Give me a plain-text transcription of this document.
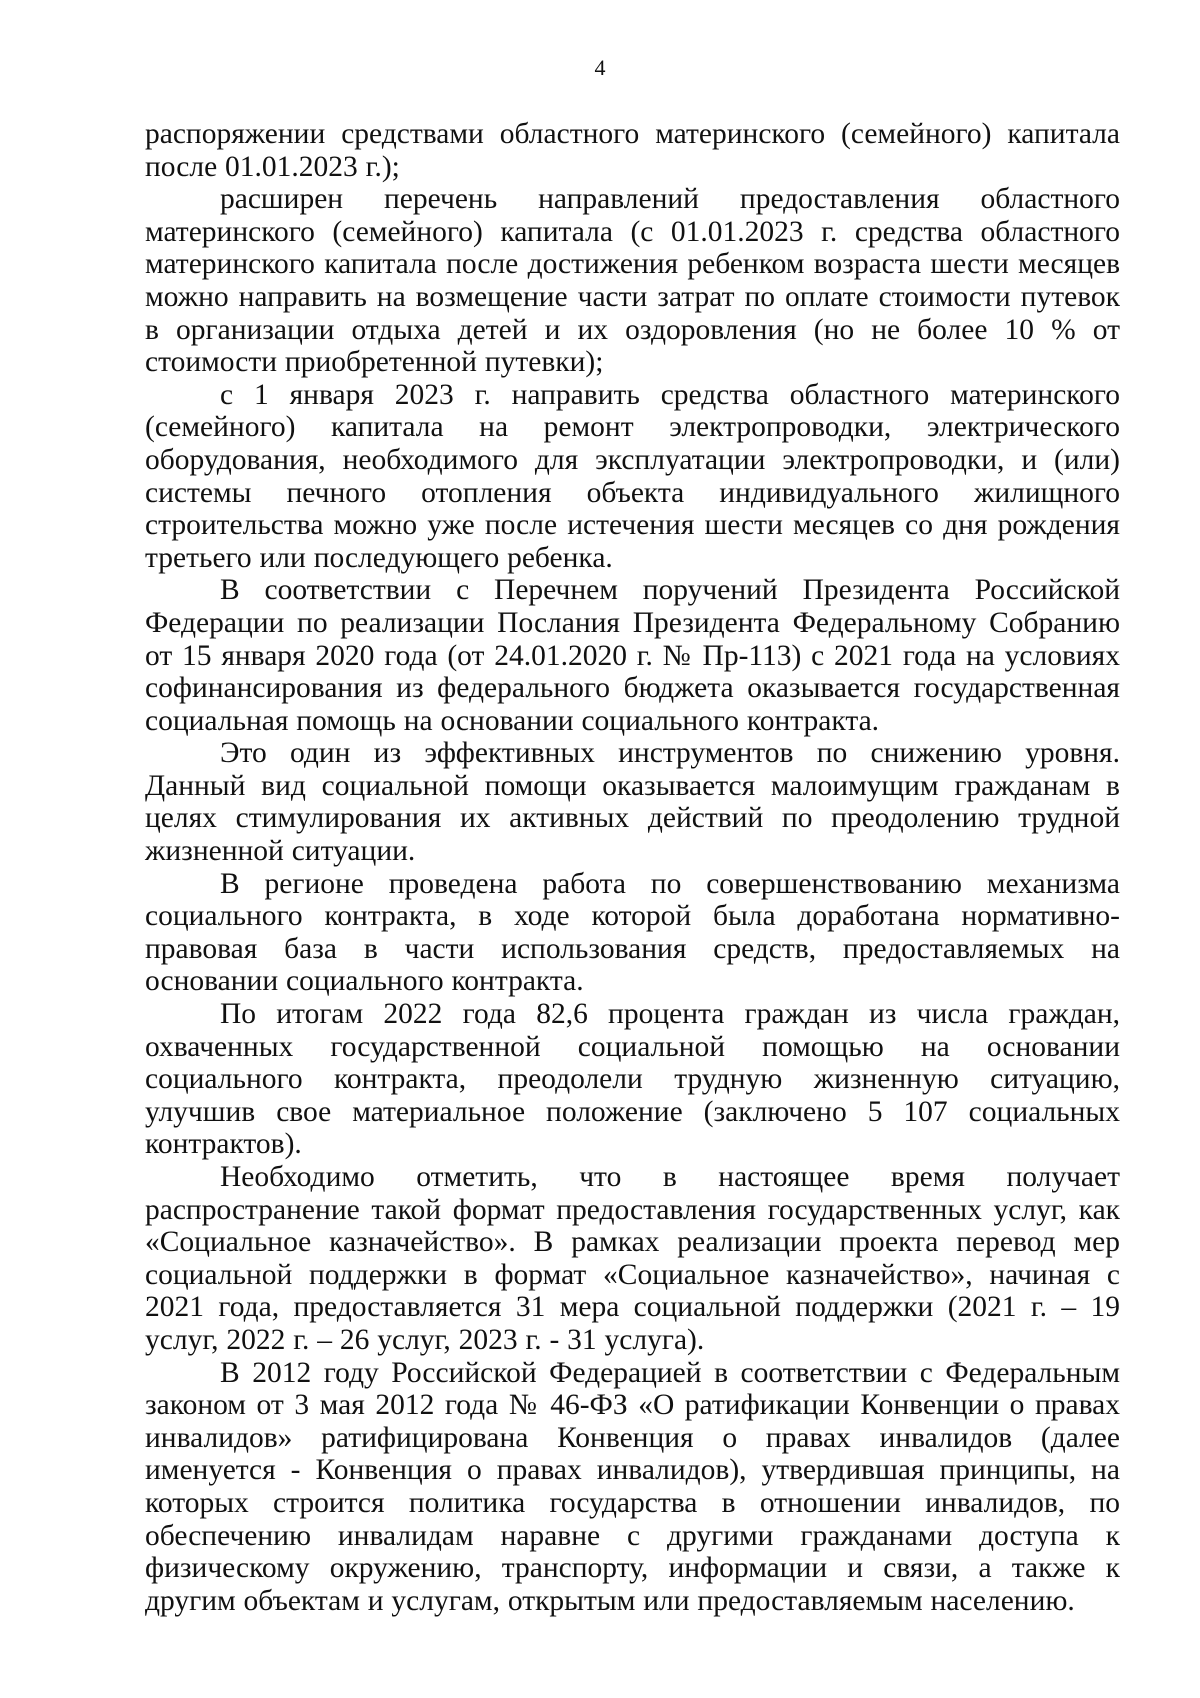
4

распоряжении средствами областного материнского (семейного) капитала после 01.01.2023 г.);

расширен перечень направлений предоставления областного материнского (семейного) капитала (с 01.01.2023 г. средства областного материнского капитала после достижения ребенком возраста шести месяцев можно направить на возмещение части затрат по оплате стоимости путевок в организации отдыха детей и их оздоровления (но не более 10 % от стоимости приобретенной путевки);

с 1 января 2023 г. направить средства областного материнского (семейного) капитала на ремонт электропроводки, электрического оборудования, необходимого для эксплуатации электропроводки, и (или) системы печного отопления объекта индивидуального жилищного строительства можно уже после истечения шести месяцев со дня рождения третьего или последующего ребенка.

В соответствии с Перечнем поручений Президента Российской Федерации по реализации Послания Президента Федеральному Собранию от 15 января 2020 года (от 24.01.2020 г. № Пр-113) с 2021 года на условиях софинансирования из федерального бюджета оказывается государственная социальная помощь на основании социального контракта.

Это один из эффективных инструментов по снижению уровня. Данный вид социальной помощи оказывается малоимущим гражданам в целях стимулирования их активных действий по преодолению трудной жизненной ситуации.

В регионе проведена работа по совершенствованию механизма социального контракта, в ходе которой была доработана нормативно-правовая база в части использования средств, предоставляемых на основании социального контракта.

По итогам 2022 года 82,6 процента граждан из числа граждан, охваченных государственной социальной помощью на основании социального контракта, преодолели трудную жизненную ситуацию, улучшив свое материальное положение (заключено 5 107 социальных контрактов).

Необходимо отметить, что в настоящее время получает распространение такой формат предоставления государственных услуг, как «Социальное казначейство». В рамках реализации проекта перевод мер социальной поддержки в формат «Социальное казначейство», начиная с 2021 года, предоставляется 31 мера социальной поддержки (2021 г. – 19 услуг, 2022 г. – 26 услуг, 2023 г. - 31 услуга).

В 2012 году Российской Федерацией в соответствии с Федеральным законом от 3 мая 2012 года № 46-ФЗ «О ратификации Конвенции о правах инвалидов» ратифицирована Конвенция о правах инвалидов (далее именуется - Конвенция о правах инвалидов), утвердившая принципы, на которых строится политика государства в отношении инвалидов, по обеспечению инвалидам наравне с другими гражданами доступа к физическому окружению, транспорту, информации и связи, а также к другим объектам и услугам, открытым или предоставляемым населению.
